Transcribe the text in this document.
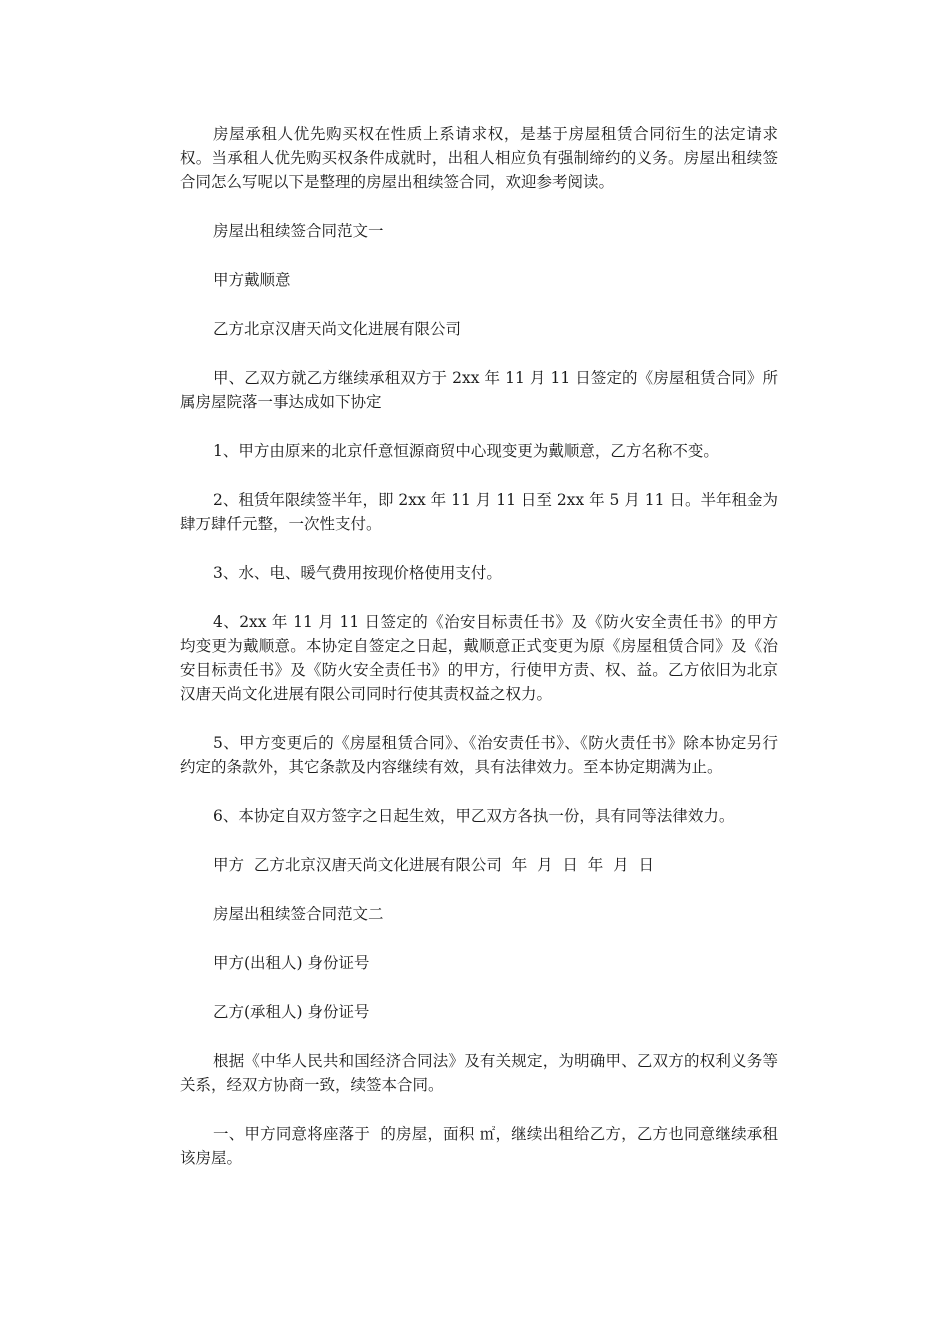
房屋承租人优先购买权在性质上系请求权，是基于房屋租赁合同衍生的法定请求权。当承租人优先购买权条件成就时，出租人相应负有强制缔约的义务。房屋出租续签合同怎么写呢以下是整理的房屋出租续签合同，欢迎参考阅读。

房屋出租续签合同范文一

甲方戴顺意

乙方北京汉唐天尚文化进展有限公司

甲、乙双方就乙方继续承租双方于 2xx 年 11 月 11 日签定的《房屋租赁合同》所属房屋院落一事达成如下协定

1、甲方由原来的北京仟意恒源商贸中心现变更为戴顺意，乙方名称不变。

2、租赁年限续签半年，即 2xx 年 11 月 11 日至 2xx 年 5 月 11 日。半年租金为肆万肆仟元整，一次性支付。

3、水、电、暖气费用按现价格使用支付。

4、2xx 年 11 月 11 日签定的《治安目标责任书》及《防火安全责任书》的甲方均变更为戴顺意。本协定自签定之日起，戴顺意正式变更为原《房屋租赁合同》及《治安目标责任书》及《防火安全责任书》的甲方，行使甲方责、权、益。乙方依旧为北京汉唐天尚文化进展有限公司同时行使其责权益之权力。

5、甲方变更后的《房屋租赁合同》、《治安责任书》、《防火责任书》除本协定另行约定的条款外，其它条款及内容继续有效，具有法律效力。至本协定期满为止。

6、本协定自双方签字之日起生效，甲乙双方各执一份，具有同等法律效力。

甲方  乙方北京汉唐天尚文化进展有限公司  年  月  日  年  月  日

房屋出租续签合同范文二

甲方(出租人) 身份证号

乙方(承租人) 身份证号

根据《中华人民共和国经济合同法》及有关规定，为明确甲、乙双方的权利义务等关系，经双方协商一致，续签本合同。

一、甲方同意将座落于  的房屋，面积 ㎡，继续出租给乙方，乙方也同意继续承租该房屋。
